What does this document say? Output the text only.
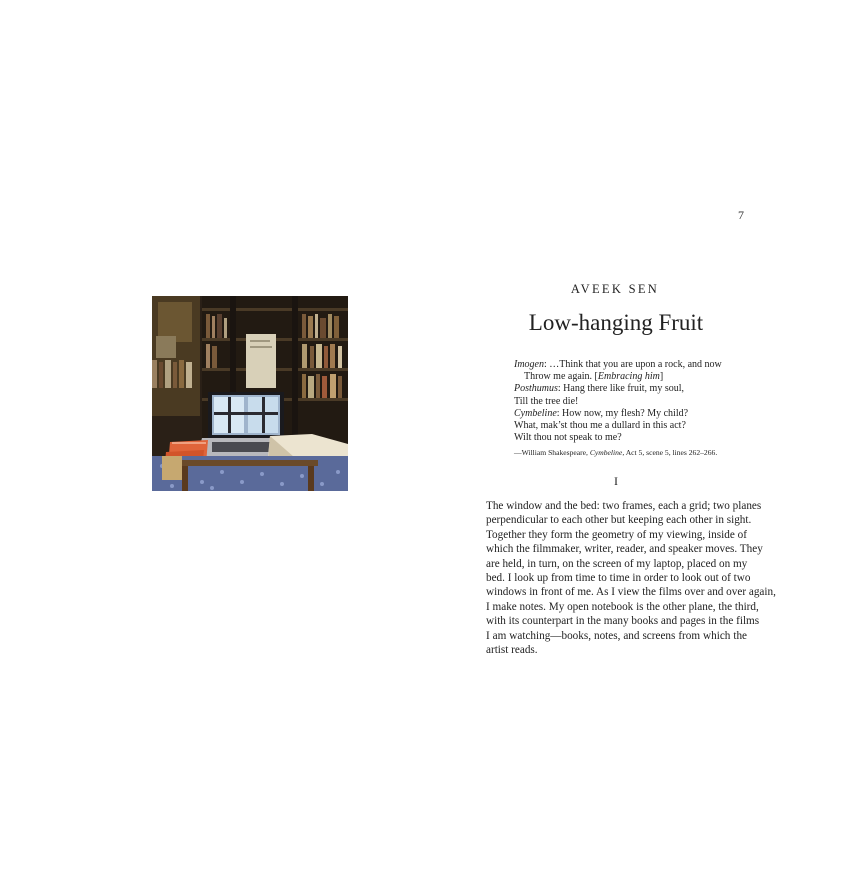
7
AVEEK SEN
Low-hanging Fruit
Imogen: …Think that you are upon a rock, and now
Throw me again. [Embracing him]
Posthumus: Hang there like fruit, my soul,
Till the tree die!
Cymbeline: How now, my flesh? My child?
What, mak’st thou me a dullard in this act?
Wilt thou not speak to me?
—William Shakespeare, Cymbeline, Act 5, scene 5, lines 262–266.
I
The window and the bed: two frames, each a grid; two planes
perpendicular to each other but keeping each other in sight.
Together they form the geometry of my viewing, inside of
which the filmmaker, writer, reader, and speaker moves. They
are held, in turn, on the screen of my laptop, placed on my
bed. I look up from time to time in order to look out of two
windows in front of me. As I view the films over and over again,
I make notes. My open notebook is the other plane, the third,
with its counterpart in the many books and pages in the films
I am watching—books, notes, and screens from which the
artist reads.
